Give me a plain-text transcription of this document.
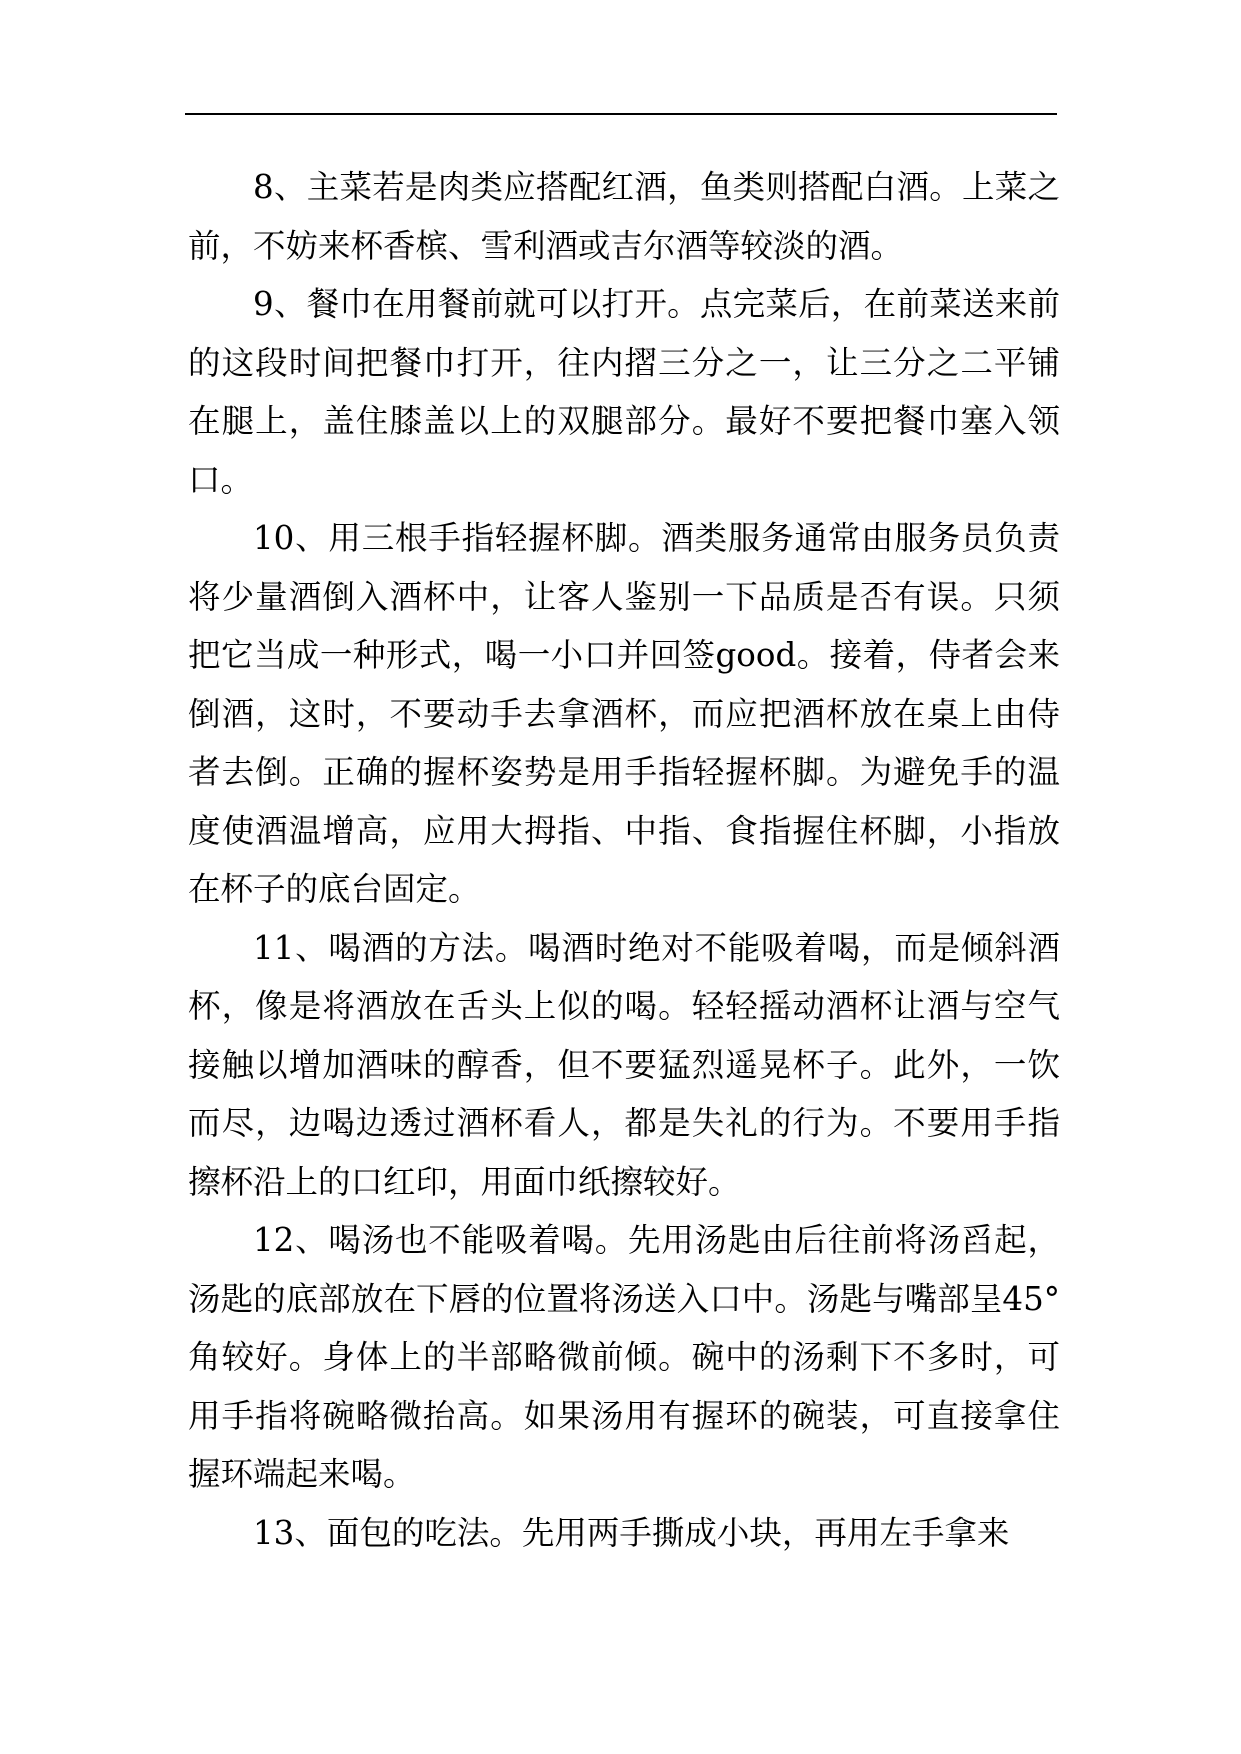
8、主菜若是肉类应搭配红酒，鱼类则搭配白酒。上菜之前，不妨来杯香槟、雪利酒或吉尔酒等较淡的酒。

9、餐巾在用餐前就可以打开。点完菜后，在前菜送来前的这段时间把餐巾打开，往内摺三分之一，让三分之二平铺在腿上，盖住膝盖以上的双腿部分。最好不要把餐巾塞入领口。

10、用三根手指轻握杯脚。酒类服务通常由服务员负责将少量酒倒入酒杯中，让客人鉴别一下品质是否有误。只须把它当成一种形式，喝一小口并回签good。接着，侍者会来倒酒，这时，不要动手去拿酒杯，而应把酒杯放在桌上由侍者去倒。正确的握杯姿势是用手指轻握杯脚。为避免手的温度使酒温增高，应用大拇指、中指、食指握住杯脚，小指放在杯子的底台固定。

11、喝酒的方法。喝酒时绝对不能吸着喝，而是倾斜酒杯，像是将酒放在舌头上似的喝。轻轻摇动酒杯让酒与空气接触以增加酒味的醇香，但不要猛烈遥晃杯子。此外，一饮而尽，边喝边透过酒杯看人，都是失礼的行为。不要用手指擦杯沿上的口红印，用面巾纸擦较好。

12、喝汤也不能吸着喝。先用汤匙由后往前将汤舀起，汤匙的底部放在下唇的位置将汤送入口中。汤匙与嘴部呈45°角较好。身体上的半部略微前倾。碗中的汤剩下不多时，可用手指将碗略微抬高。如果汤用有握环的碗装，可直接拿住握环端起来喝。

13、面包的吃法。先用两手撕成小块，再用左手拿来
